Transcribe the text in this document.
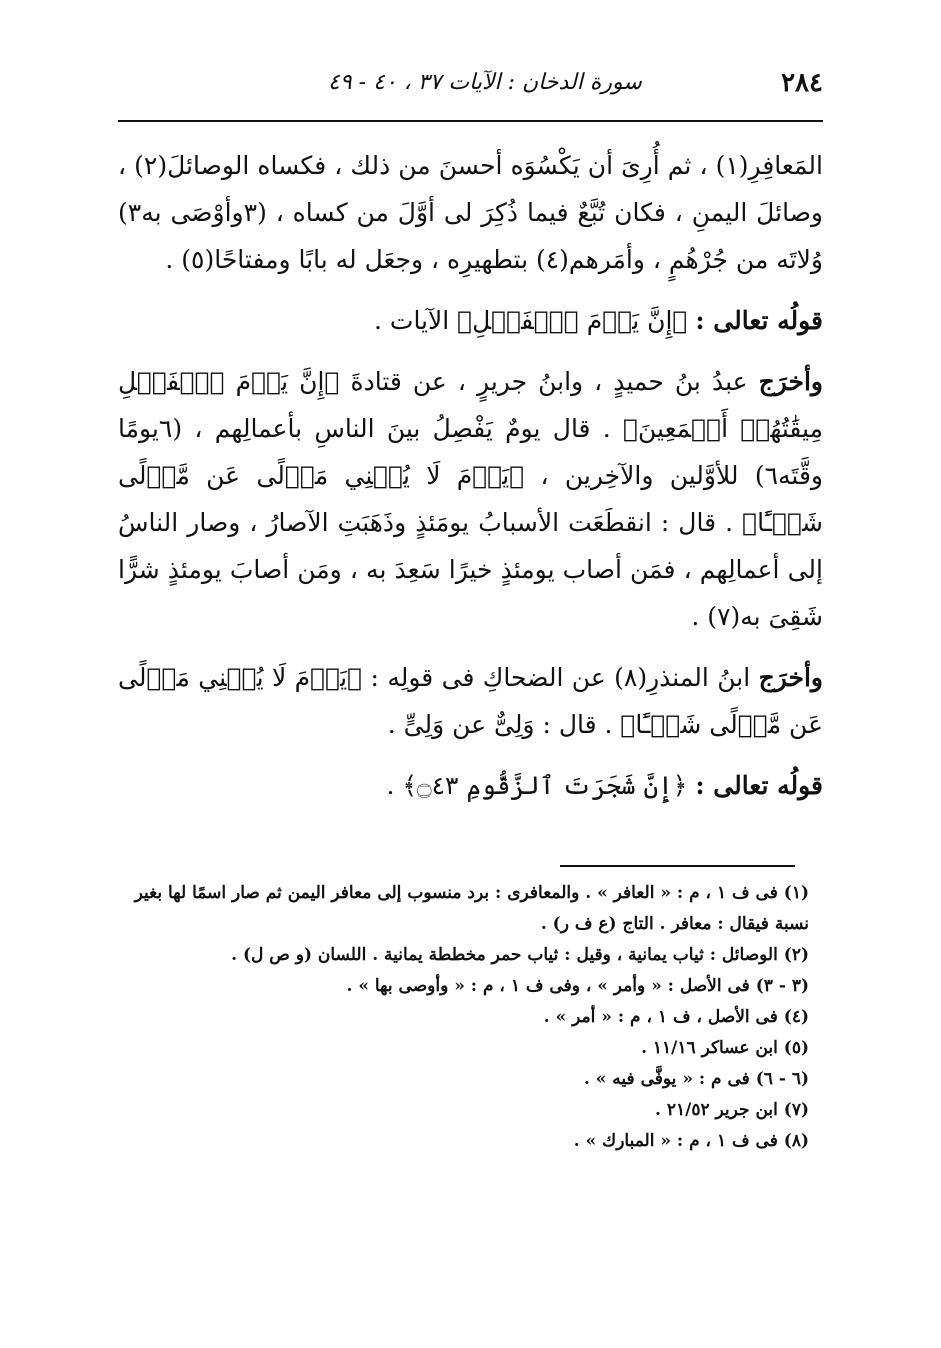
٢٨٤
سورة الدخان : الآيات ٣٧ ، ٤٠ - ٤٩

المَعافِرِ(١) ، ثم أُرِىَ أن يَكْسُوَه أحسنَ من ذلك ، فكساه الوصائلَ(٢) ، وصائلَ اليمنِ ، فكان تُبَّعٌ فيما ذُكِرَ لى أوَّلَ من كساه ، (٣وأوْصَى به٣) وُلاتَه من جُرْهُمٍ ، وأمَرهم(٤) بتطهيرِه ، وجعَل له بابًا ومفتاحًا(٥) .

قولُه تعالى : ﴿إِنَّ يَوۡمَ ٱلۡفَصۡلِ﴾ الآيات .

وأخرَج عبدُ بنُ حميدٍ ، وابنُ جريرٍ ، عن قتادةَ ﴿إِنَّ يَوۡمَ ٱلۡفَصۡلِ مِيقَٰتُهُمۡ أَجۡمَعِينَ﴾ . قال يومٌ يَفْصِلُ بينَ الناسِ بأعمالِهم ، (٦يومًا وقَّتَه٦) للأوَّلين والآخِرين ، ﴿يَوۡمَ لَا يُغۡنِي مَوۡلًى عَن مَّوۡلًى شَيۡـًٔا﴾ . قال : انقطَعَت الأسبابُ يومَئذٍ وذَهَبَتِ الآصارُ ، وصار الناسُ إلى أعمالِهم ، فمَن أصاب يومئذٍ خيرًا سَعِدَ به ، ومَن أصابَ يومئذٍ شرًّا شَقِىَ به(٧) .

وأخرَج ابنُ المنذرِ(٨) عن الضحاكِ فى قولِه : ﴿يَوۡمَ لَا يُغۡنِي مَوۡلًى عَن مَّوۡلًى شَيۡـًٔا﴾ . قال : وَلِىٌّ عن وَلِىٍّ .

قولُه تعالى : ﴿إِنَّ شَجَرَتَ ٱلزَّقُّومِ ۝٤٣﴾ .

(١) فى ف ١ ، م : « العافر » . والمعافرى : برد منسوب إلى معافر اليمن ثم صار اسمًا لها بغير نسبة فيقال : معافر . التاج (ع ف ر) .

(٢) الوصائل : ثياب يمانية ، وقيل : ثياب حمر مخططة يمانية . اللسان (و ص ل) .

(٣ - ٣) فى الأصل : « وأمر » ، وفى ف ١ ، م : « وأوصى بها » .

(٤) فى الأصل ، ف ١ ، م : « أمر » .

(٥) ابن عساكر ١١/١٦ .

(٦ - ٦) فى م : « يوفَّى فيه » .

(٧) ابن جرير ٢١/٥٢ .

(٨) فى ف ١ ، م : « المبارك » .
